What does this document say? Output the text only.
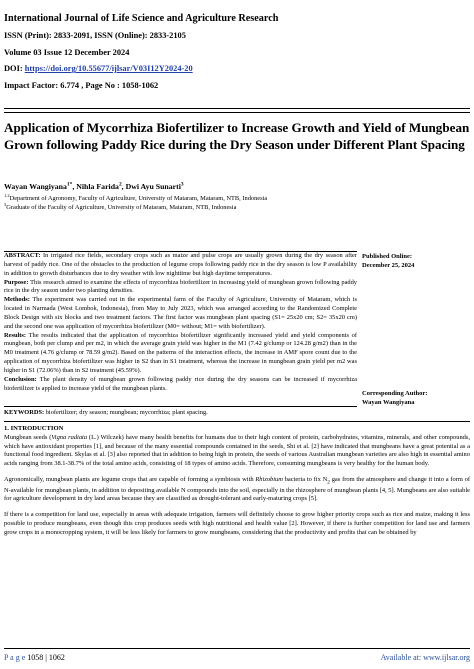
International Journal of Life Science and Agriculture Research
ISSN (Print): 2833-2091, ISSN (Online): 2833-2105
Volume 03 Issue 12 December 2024
DOI: https://doi.org/10.55677/ijlsar/V03I12Y2024-20
Impact Factor: 6.774 , Page No : 1058-1062
Application of Mycorrhiza Biofertilizer to Increase Growth and Yield of Mungbean Grown following Paddy Rice during the Dry Season under Different Plant Spacing
Wayan Wangiyana$^{1*}$, Nihla Farida$^2$, Dwi Ayu Sunarti$^3$
$^{1,2}$Department of Agronomy, Faculty of Agriculture, University of Mataram, Mataram, NTB, Indonesia
$^3$Graduate of the Faculty of Agriculture, University of Mataram, Mataram, NTB, Indonesia

ABSTRACT: In irrigated rice fields, secondary crops such as maize and pulse crops are usually grown during the dry season after harvest of paddy rice. One of the obstacles to the production of legume crops following paddy rice in the dry season is low P availability in addition to growth disturbances due to dry weather with low nighttime but high daytime temperatures.

Purpose: This research aimed to examine the effects of mycorrhiza biofertilizer in increasing yield of mungbean grown following paddy rice in the dry season under two planting densities.

Methods: The experiment was carried out in the experimental farm of the Faculty of Agriculture, University of Mataram, which is located in Narmada (West Lombok, Indonesia), from May to July 2023, which was arranged according to the Randomized Complete Block Design with six blocks and two treatment factors. The first factor was mungbean plant spacing (S1= 25x20 cm; S2= 35x20 cm) and the second one was application of mycorrhiza biofertilizer (M0= without; M1= with biofertilizer).

Results: The results indicated that the application of mycorrhiza biofertilizer significantly increased yield and yield components of mungbean, both per clump and per m2, in which the average grain yield was higher in the M1 (7.42 g/clump or 124.28 g/m2) than in the M0 treatment (4.76 g/clump or 78.59 g/m2). Based on the patterns of the interaction effects, the increase in AMF spore count due to the application of mycorrhiza biofertilizer was higher in S2 than in S1 treatment, whereas the increase in mungbean grain yield per m2 was higher in S1 (72.06%) than in S2 treatment (45.59%).

Conclusion: The plant density of mungbean grown following paddy rice during the dry seasons can be increased if mycorrhiza biofertilizer is applied to increase yield of the mungbean plants.

Published Online:
December 25, 2024
Corresponding Author:
Wayan Wangiyana
KEYWORDS: biofertilizer; dry season; mungbean; mycorrhiza; plant spacing.
1. INTRODUCTION

Mungbean seeds (Vigna radiata (L.) Wilczek) have many health benefits for humans due to their high content of protein, carbohydrates, vitamins, minerals, and other compounds, which have antioxidant properties [1], and because of the many essential compounds contained in the seeds, Shi et al. [2] have indicated that mungbeans have a great potential as a functional food ingredient. Skylas et al. [3] also reported that in addition to being high in protein, the seeds of various Australian mungbean varieties are also high in essential amino acids ranging from 38.1-38.7% of the total amino acids, consisting of 18 types of amino acids. Therefore, consuming mungbeans is very healthy for the human body.

Agronomically, mungbean plants are legume crops that are capable of forming a symbiosis with Rhizobium bacteria to fix $N_2$ gas from the atmosphere and change it into a form of N-available for mungbean plants, in addition to depositing available N compounds into the soil, especially in the rhizosphere of mungbean plants [4, 5]. Mungbeans are also suitable for agriculture development in dry land areas because they are classified as drought-tolerant and early-maturing crops [5].

If there is a competition for land use, especially in areas with adequate irrigation, farmers will definitely choose to grow higher priority crops such as rice and maize, making it less possible to produce mungbeans, even though this crop produces seeds with high nutritional and health value [2]. However, if there is further competition for land use and farmers grow crops in a monocropping system, it will be less likely for farmers to grow mungbeans, considering that the productivity and profits that can be obtained by

P a g e 1058 | 1062	Available at: www.ijlsar.org
